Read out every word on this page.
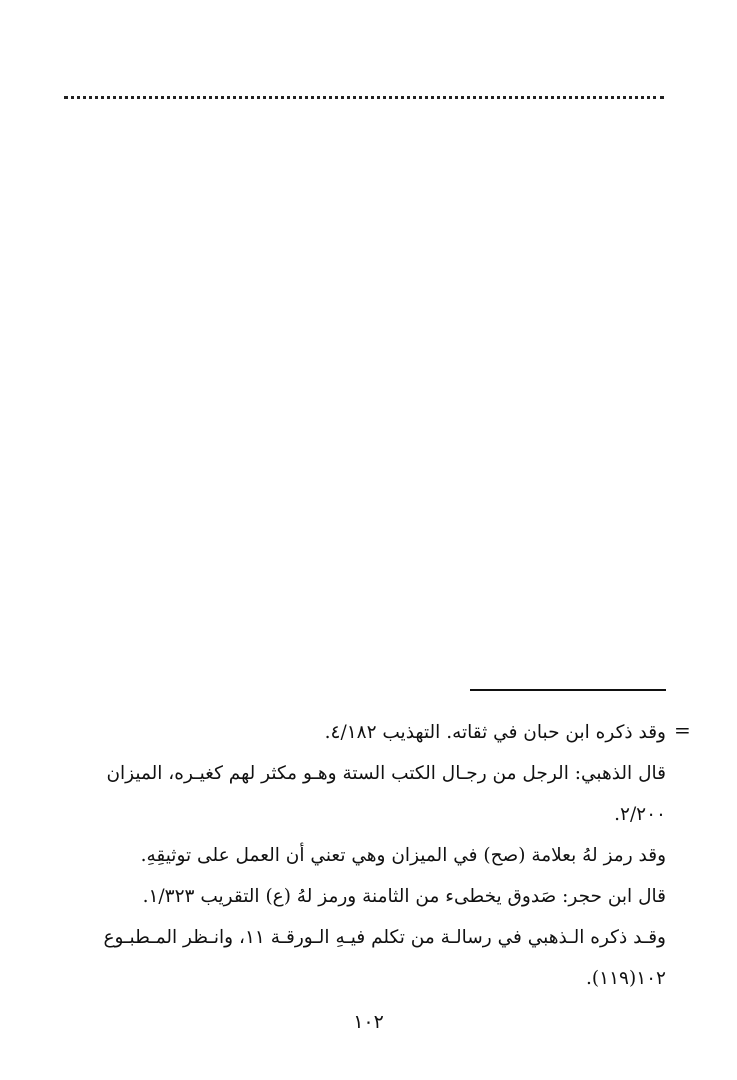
=
وقد ذكره ابن حبان في ثقاته. التهذيب ٤/١٨٢.
قال الذهبي: الرجل من رجـال الكتب الستة وهـو مكثر لهم كغيـره، الميزان
٢/٢٠٠.
وقد رمز لهُ بعلامة (صح) في الميزان وهي تعني أن العمل على توثيقِهِ.
قال ابن حجر: صَدوق يخطىء من الثامنة ورمز لهُ (ع) التقريب ١/٣٢٣.
وقـد ذكره الـذهبي في رسالـة من تكلم فيـهِ الـورقـة ١١، وانـظر المـطبـوع
١٠٢(١١٩).
١٠٢
